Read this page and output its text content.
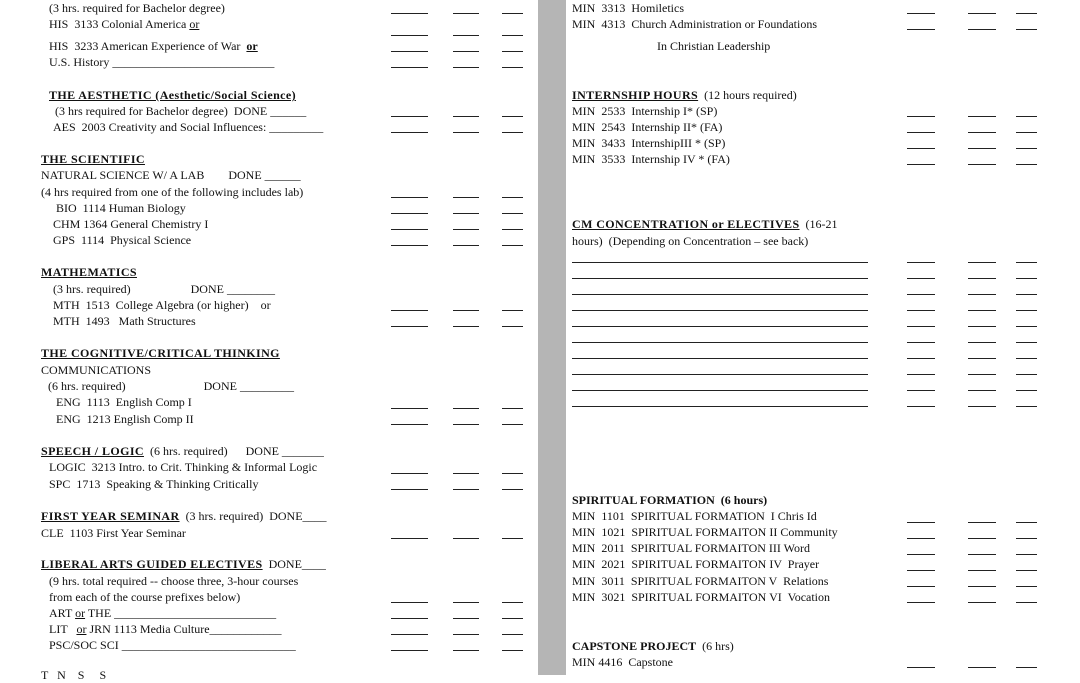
(3 hrs. required for Bachelor degree)
HIS  3133 Colonial America or
HIS  3233 American Experience of War  or
U.S. History ___________________________
THE AESTHETIC (Aesthetic/Social Science)
(3 hrs required for Bachelor degree)  DONE ______
AES  2003 Creativity and Social Influences: _________
THE SCIENTIFIC
NATURAL SCIENCE W/ A LAB        DONE ______
(4 hrs required from one of the following includes lab)
BIO  1114 Human Biology
CHM 1364 General Chemistry I
GPS  1114  Physical Science
MATHEMATICS
(3 hrs. required)                    DONE ________
MTH  1513  College Algebra (or higher)    or
MTH  1493   Math Structures
THE COGNITIVE/CRITICAL THINKING
COMMUNICATIONS
(6 hrs. required)                          DONE _________
ENG  1113  English Comp I
ENG  1213 English Comp II
SPEECH / LOGIC  (6 hrs. required)      DONE _______
LOGIC  3213 Intro. to Crit. Thinking & Informal Logic
SPC  1713  Speaking & Thinking Critically
FIRST YEAR SEMINAR  (3 hrs. required)  DONE____
CLE  1103 First Year Seminar
LIBERAL ARTS GUIDED ELECTIVES  DONE____
(9 hrs. total required -- choose three, 3-hour courses
from each of the course prefixes below)
ART or THE ___________________________
LIT   or JRN 1113 Media Culture____________
PSC/SOC SCI _____________________________
T   N    S     S
MIN  3313  Homiletics
MIN  4313  Church Administration or Foundations
In Christian Leadership
INTERNSHIP HOURS  (12 hours required)
MIN  2533  Internship I* (SP)
MIN  2543  Internship II* (FA)
MIN  3433  InternshipIII * (SP)
MIN  3533  Internship IV * (FA)
CM CONCENTRATION or ELECTIVES  (16-21
hours)  (Depending on Concentration – see back)
SPIRITUAL FORMATION  (6 hours)
MIN  1101  SPIRITUAL FORMATION  I Chris Id
MIN  1021  SPIRITUAL FORMAITON II Community
MIN  2011  SPIRITUAL FORMAITON III Word
MIN  2021  SPIRITUAL FORMAITON IV  Prayer
MIN  3011  SPIRITUAL FORMAITON V  Relations
MIN  3021  SPIRITUAL FORMAITON VI  Vocation
CAPSTONE PROJECT  (6 hrs)
MIN 4416  Capstone
